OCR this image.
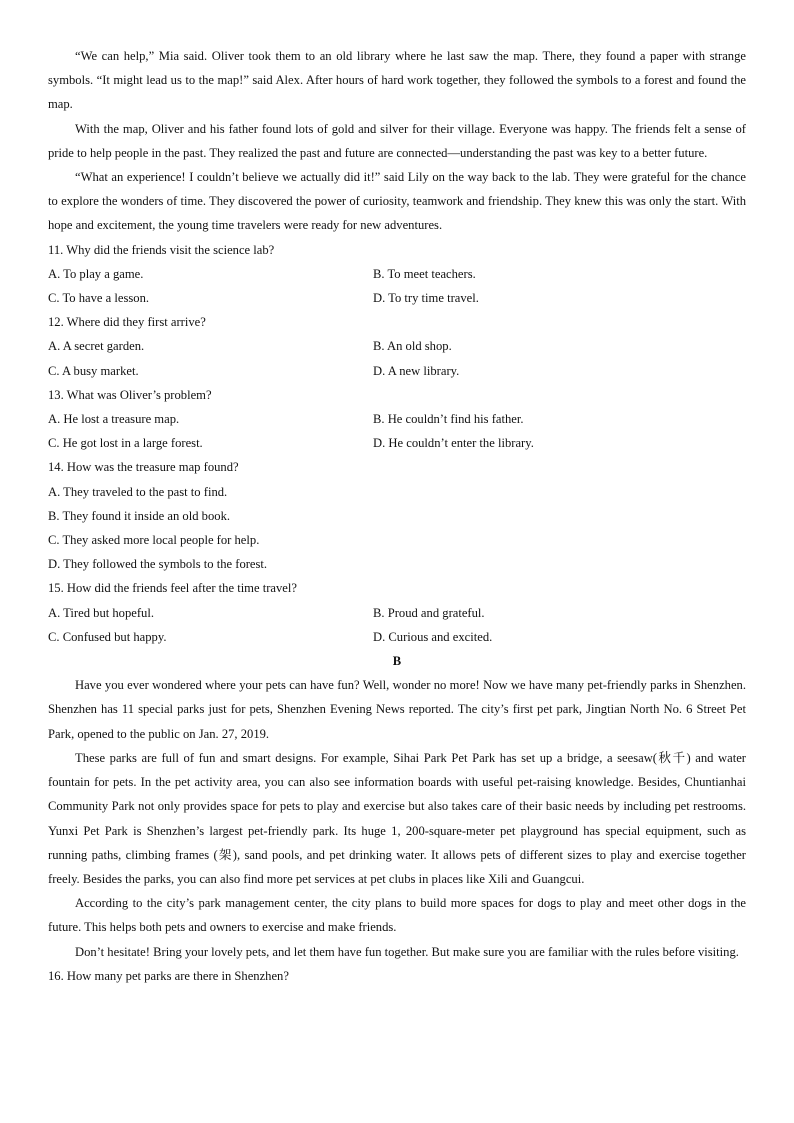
“We can help,” Mia said. Oliver took them to an old library where he last saw the map. There, they found a paper with strange symbols. “It might lead us to the map!” said Alex. After hours of hard work together, they followed the symbols to a forest and found the map.

With the map, Oliver and his father found lots of gold and silver for their village. Everyone was happy. The friends felt a sense of pride to help people in the past. They realized the past and future are connected—understanding the past was key to a better future.

“What an experience! I couldn’t believe we actually did it!” said Lily on the way back to the lab. They were grateful for the chance to explore the wonders of time. They discovered the power of curiosity, teamwork and friendship. They knew this was only the start. With hope and excitement, the young time travelers were ready for new adventures.

11. Why did the friends visit the science lab?

A. To play a game.	B. To meet teachers.
C. To have a lesson.	D. To try time travel.

12. Where did they first arrive?

A. A secret garden.	B. An old shop.
C. A busy market.	D. A new library.

13. What was Oliver’s problem?

A. He lost a treasure map.	B. He couldn’t find his father.
C. He got lost in a large forest.	D. He couldn’t enter the library.

14. How was the treasure map found?

A. They traveled to the past to find.

B. They found it inside an old book.

C. They asked more local people for help.

D. They followed the symbols to the forest.

15. How did the friends feel after the time travel?

A. Tired but hopeful.	B. Proud and grateful.
C. Confused but happy.	D. Curious and excited.

B

Have you ever wondered where your pets can have fun? Well, wonder no more! Now we have many pet-friendly parks in Shenzhen. Shenzhen has 11 special parks just for pets, Shenzhen Evening News reported. The city’s first pet park, Jingtian North No. 6 Street Pet Park, opened to the public on Jan. 27, 2019.

These parks are full of fun and smart designs. For example, Sihai Park Pet Park has set up a bridge, a seesaw(秋千) and water fountain for pets. In the pet activity area, you can also see information boards with useful pet-raising knowledge. Besides, Chuntianhai Community Park not only provides space for pets to play and exercise but also takes care of their basic needs by including pet restrooms. Yunxi Pet Park is Shenzhen’s largest pet-friendly park. Its huge 1, 200-square-meter pet playground has special equipment, such as running paths, climbing frames (架), sand pools, and pet drinking water. It allows pets of different sizes to play and exercise together freely. Besides the parks, you can also find more pet services at pet clubs in places like Xili and Guangcui.

According to the city’s park management center, the city plans to build more spaces for dogs to play and meet other dogs in the future. This helps both pets and owners to exercise and make friends.

Don’t hesitate! Bring your lovely pets, and let them have fun together. But make sure you are familiar with the rules before visiting.

16. How many pet parks are there in Shenzhen?
